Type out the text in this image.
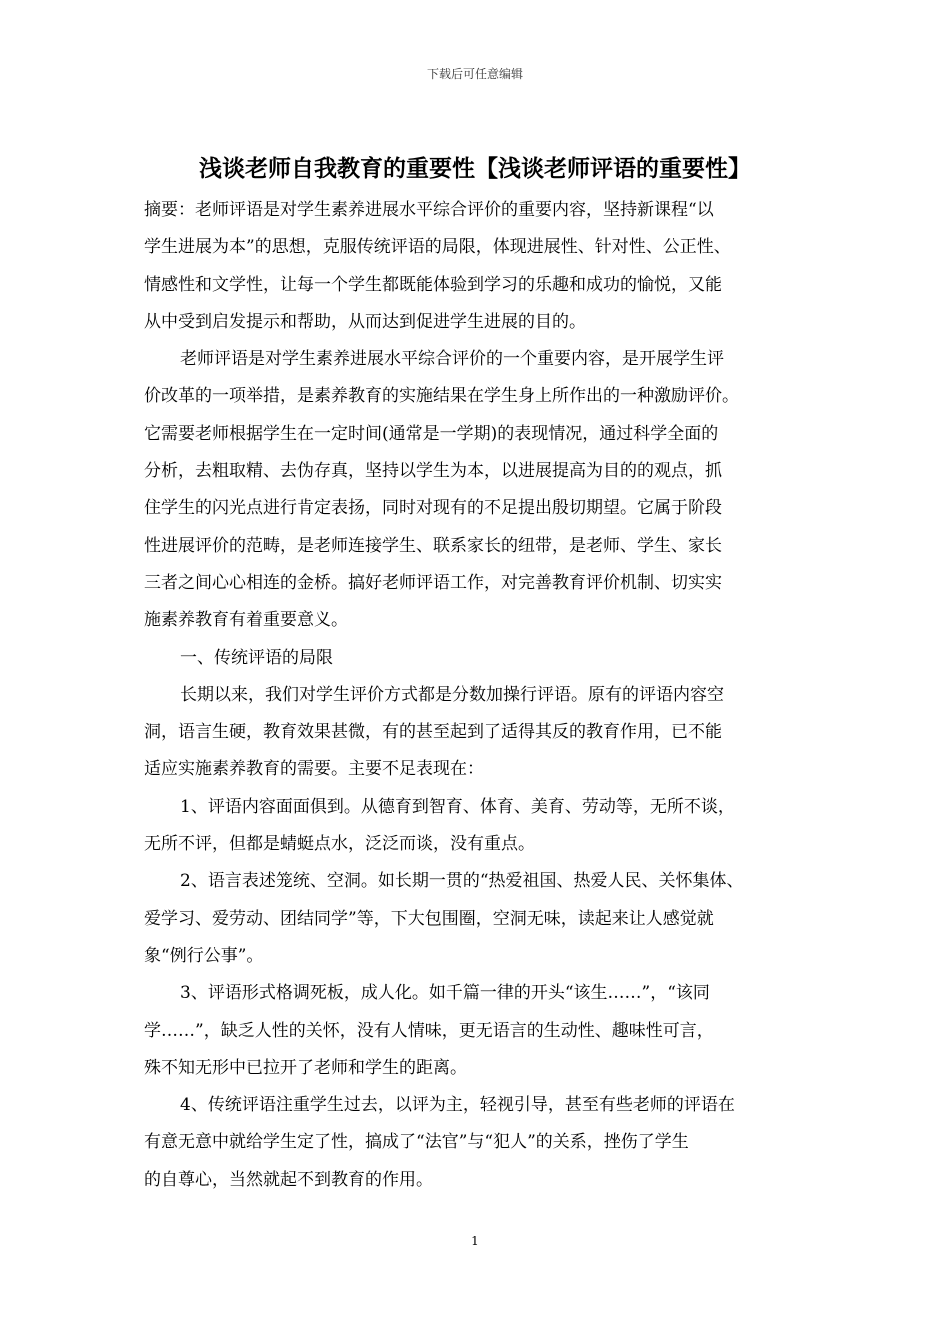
下载后可任意编辑
浅谈老师自我教育的重要性【浅谈老师评语的重要性】
摘要：老师评语是对学生素养进展水平综合评价的重要内容，坚持新课程“以
学生进展为本”的思想，克服传统评语的局限，体现进展性、针对性、公正性、
情感性和文学性，让每一个学生都既能体验到学习的乐趣和成功的愉悦，又能
从中受到启发提示和帮助，从而达到促进学生进展的目的。
老师评语是对学生素养进展水平综合评价的一个重要内容，是开展学生评
价改革的一项举措，是素养教育的实施结果在学生身上所作出的一种激励评价。
它需要老师根据学生在一定时间(通常是一学期)的表现情况，通过科学全面的
分析，去粗取精、去伪存真，坚持以学生为本，以进展提高为目的的观点，抓
住学生的闪光点进行肯定表扬，同时对现有的不足提出殷切期望。它属于阶段
性进展评价的范畴，是老师连接学生、联系家长的纽带，是老师、学生、家长
三者之间心心相连的金桥。搞好老师评语工作，对完善教育评价机制、切实实
施素养教育有着重要意义。
一、传统评语的局限
长期以来，我们对学生评价方式都是分数加操行评语。原有的评语内容空
洞，语言生硬，教育效果甚微，有的甚至起到了适得其反的教育作用，已不能
适应实施素养教育的需要。主要不足表现在：
1、评语内容面面俱到。从德育到智育、体育、美育、劳动等，无所不谈，
无所不评，但都是蜻蜓点水，泛泛而谈，没有重点。
2、语言表述笼统、空洞。如长期一贯的“热爱祖国、热爱人民、关怀集体、
爱学习、爱劳动、团结同学”等，下大包围圈，空洞无味，读起来让人感觉就
象“例行公事”。
3、评语形式格调死板，成人化。如千篇一律的开头“该生……”，“该同
学……”，缺乏人性的关怀，没有人情味，更无语言的生动性、趣味性可言，
殊不知无形中已拉开了老师和学生的距离。
4、传统评语注重学生过去，以评为主，轻视引导，甚至有些老师的评语在
有意无意中就给学生定了性，搞成了“法官”与“犯人”的关系，挫伤了学生
的自尊心，当然就起不到教育的作用。
1
